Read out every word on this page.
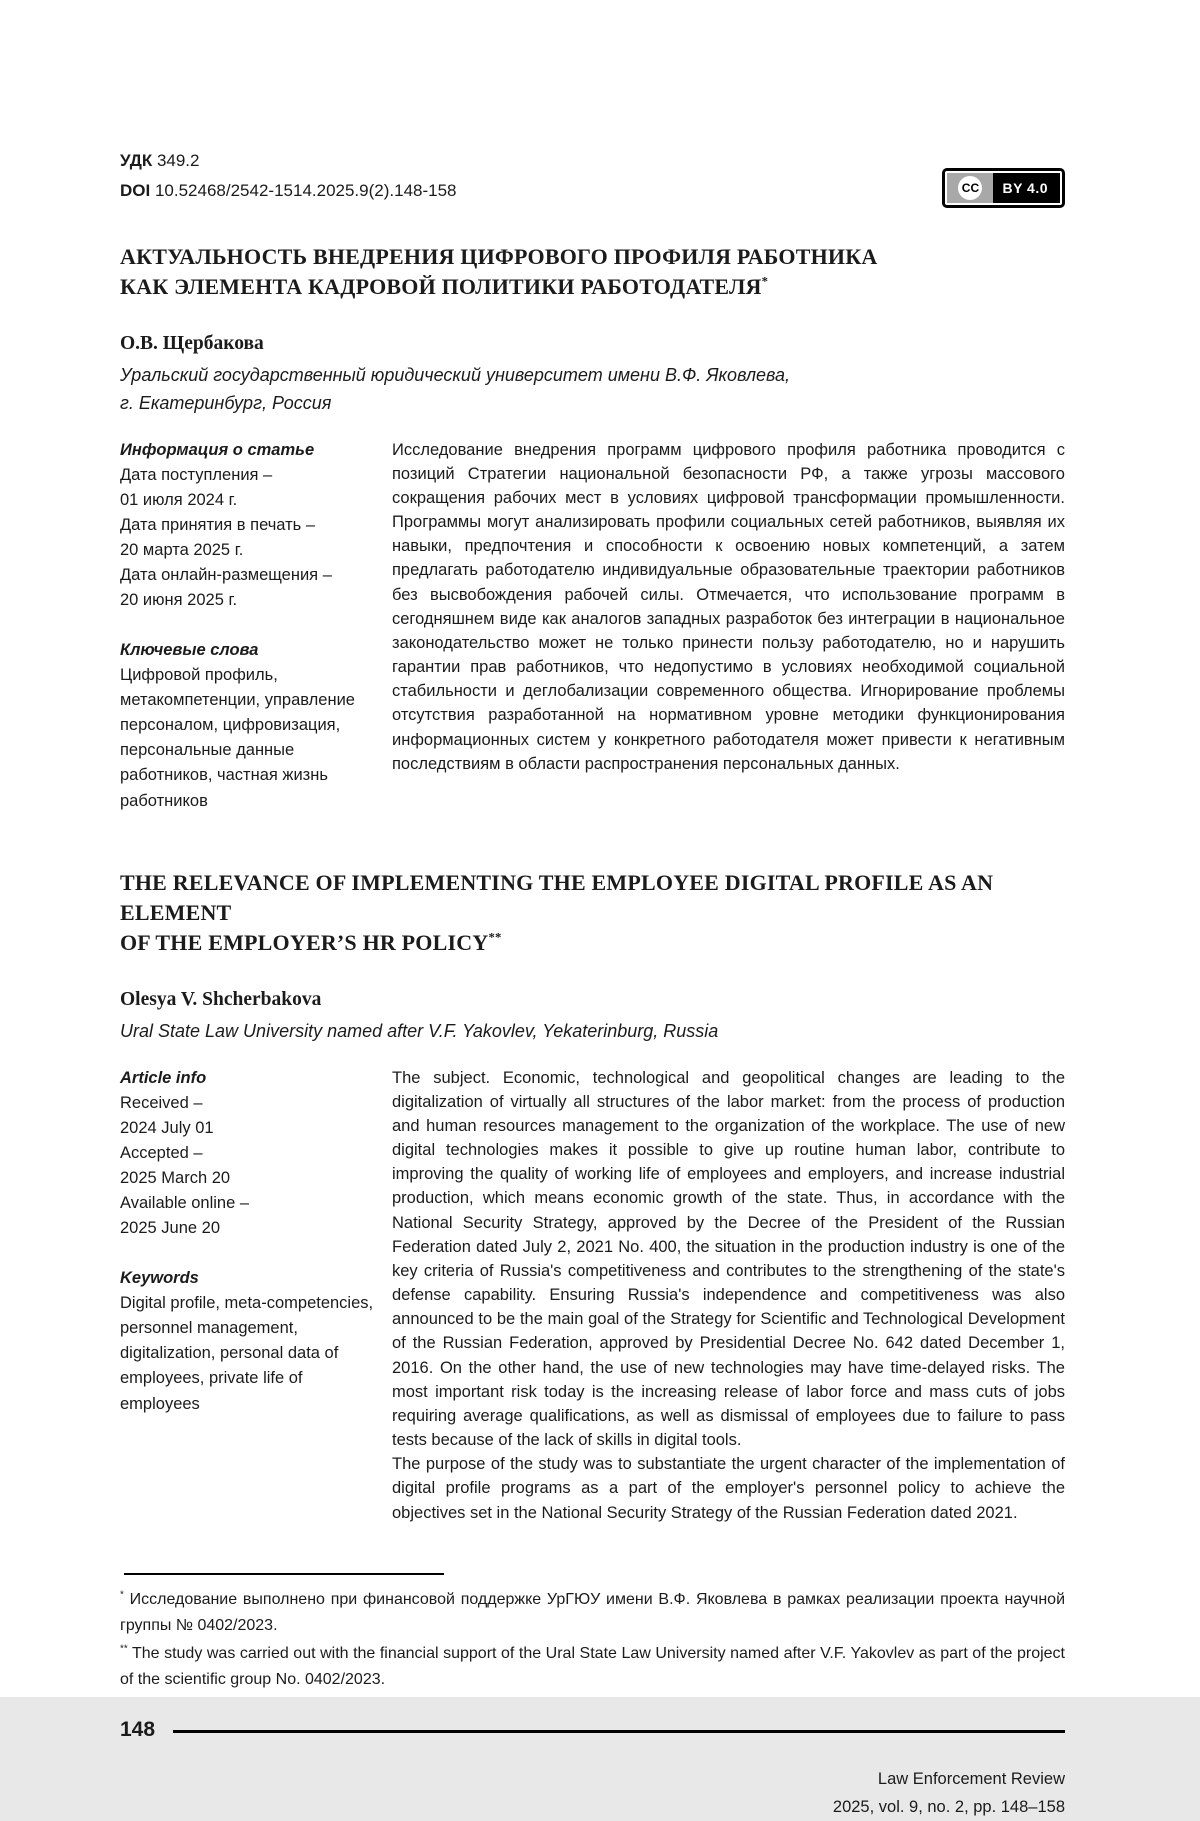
УДК 349.2
DOI 10.52468/2542-1514.2025.9(2).148-158	CC	BY 4.0
АКТУАЛЬНОСТЬ ВНЕДРЕНИЯ ЦИФРОВОГО ПРОФИЛЯ РАБОТНИКА
КАК ЭЛЕМЕНТА КАДРОВОЙ ПОЛИТИКИ РАБОТОДАТЕЛЯ*
О.В. Щербакова
Уральский государственный юридический университет имени В.Ф. Яковлева,
г. Екатеринбург, Россия
Информация о статье
Дата поступления –
01 июля 2024 г.
Дата принятия в печать –
20 марта 2025 г.
Дата онлайн-размещения –
20 июня 2025 г.
Ключевые слова
Цифровой профиль, метакомпетенции, управление персоналом, цифровизация, персональные данные работников, частная жизнь работников

Исследование внедрения программ цифрового профиля работника проводится с позиций Стратегии национальной безопасности РФ, а также угрозы массового сокращения рабочих мест в условиях цифровой трансформации промышленности. Программы могут анализировать профили социальных сетей работников, выявляя их навыки, предпочтения и способности к освоению новых компетенций, а затем предлагать работодателю индивидуальные образовательные траектории работников без высвобождения рабочей силы. Отмечается, что использование программ в сегодняшнем виде как аналогов западных разработок без интеграции в национальное законодательство может не только принести пользу работодателю, но и нарушить гарантии прав работников, что недопустимо в условиях необходимой социальной стабильности и деглобализации современного общества. Игнорирование проблемы отсутствия разработанной на нормативном уровне методики функционирования информационных систем у конкретного работодателя может привести к негативным последствиям в области распространения персональных данных.

THE RELEVANCE OF IMPLEMENTING THE EMPLOYEE DIGITAL PROFILE AS AN ELEMENT
OF THE EMPLOYER’S HR POLICY**
Olesya V. Shcherbakova
Ural State Law University named after V.F. Yakovlev, Yekaterinburg, Russia
Article info
Received –
2024 July 01
Accepted –
2025 March 20
Available online –
2025 June 20
Keywords
Digital profile, meta-competencies, personnel management, digitalization, personal data of employees, private life of employees

The subject. Economic, technological and geopolitical changes are leading to the digitalization of virtually all structures of the labor market: from the process of production and human resources management to the organization of the workplace. The use of new digital technologies makes it possible to give up routine human labor, contribute to improving the quality of working life of employees and employers, and increase industrial production, which means economic growth of the state. Thus, in accordance with the National Security Strategy, approved by the Decree of the President of the Russian Federation dated July 2, 2021 No. 400, the situation in the production industry is one of the key criteria of Russia's competitiveness and contributes to the strengthening of the state's defense capability. Ensuring Russia's independence and competitiveness was also announced to be the main goal of the Strategy for Scientific and Technological Development of the Russian Federation, approved by Presidential Decree No. 642 dated December 1, 2016. On the other hand, the use of new technologies may have time-delayed risks. The most important risk today is the increasing release of labor force and mass cuts of jobs requiring average qualifications, as well as dismissal of employees due to failure to pass tests because of the lack of skills in digital tools.

The purpose of the study was to substantiate the urgent character of the implementation of digital profile programs as a part of the employer's personnel policy to achieve the objectives set in the National Security Strategy of the Russian Federation dated 2021.

* Исследование выполнено при финансовой поддержке УрГЮУ имени В.Ф. Яковлева в рамках реализации проекта научной группы № 0402/2023.

** The study was carried out with the financial support of the Ural State Law University named after V.F. Yakovlev as part of the project of the scientific group No. 0402/2023.

148
Law Enforcement Review
2025, vol. 9, no. 2, pp. 148–158
